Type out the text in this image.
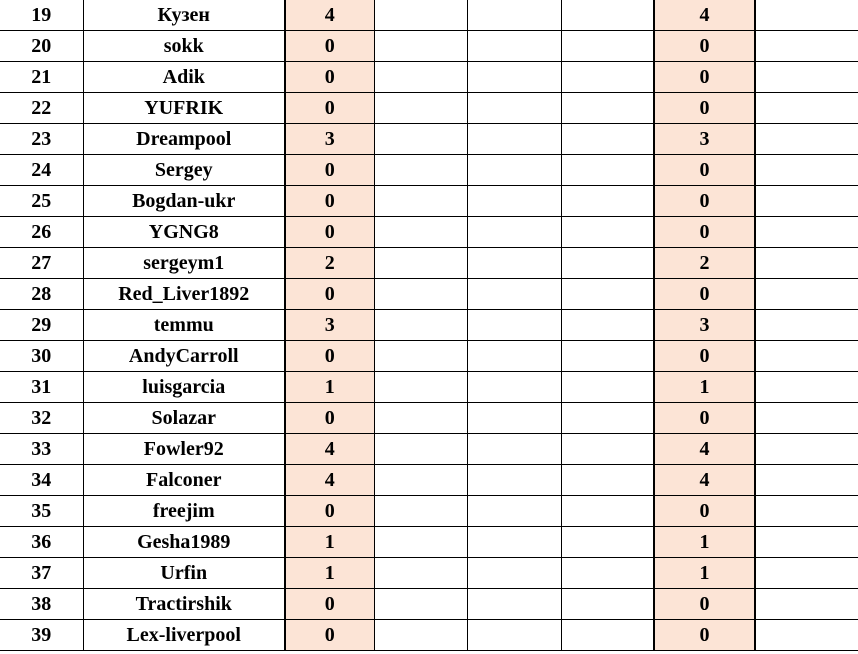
19	Кузен	4				4	
20	sokk	0				0	
21	Adik	0				0	
22	YUFRIK	0				0	
23	Dreampool	3				3	
24	Sergey	0				0	
25	Bogdan-ukr	0				0	
26	YGNG8	0				0	
27	sergeym1	2				2	
28	Red_Liver1892	0				0	
29	temmu	3				3	
30	AndyCarroll	0				0	
31	luisgarcia	1				1	
32	Solazar	0				0	
33	Fowler92	4				4	
34	Falconer	4				4	
35	freejim	0				0	
36	Gesha1989	1				1	
37	Urfin	1				1	
38	Tractirshik	0				0	
39	Lex-liverpool	0				0	
